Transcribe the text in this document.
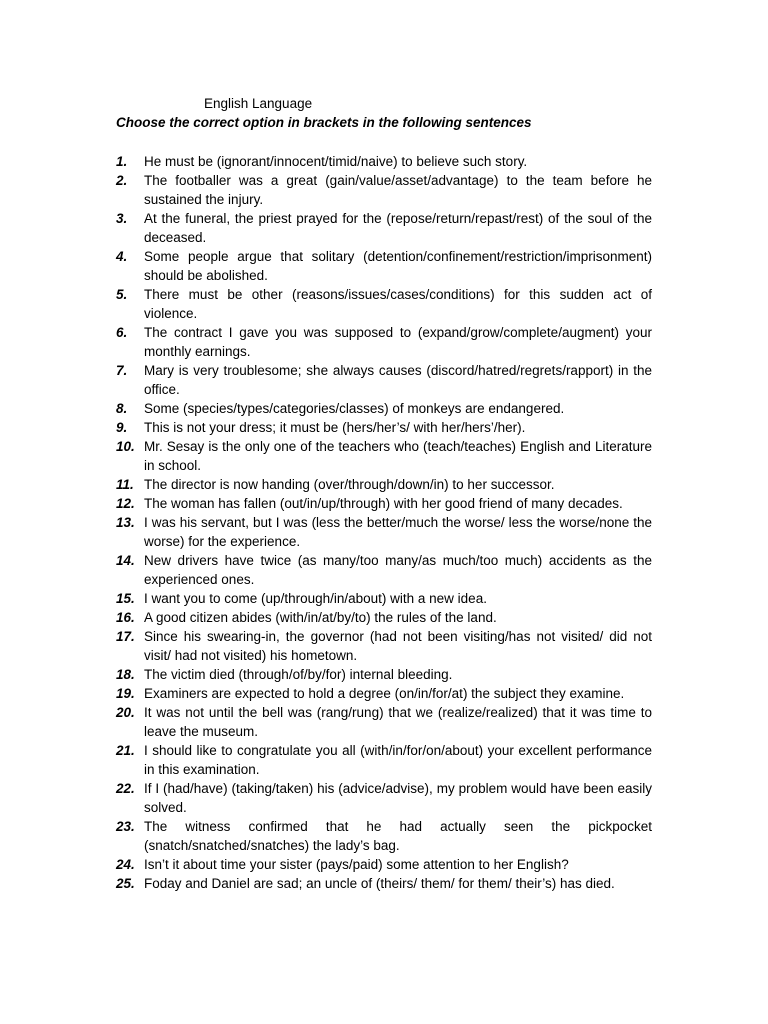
English Language
Choose the correct option in brackets in the following sentences
1. He must be (ignorant/innocent/timid/naive) to believe such story.
2. The footballer was a great (gain/value/asset/advantage) to the team before he sustained the injury.
3. At the funeral, the priest prayed for the (repose/return/repast/rest) of the soul of the deceased.
4. Some people argue that solitary (detention/confinement/restriction/imprisonment) should be abolished.
5. There must be other (reasons/issues/cases/conditions) for this sudden act of violence.
6. The contract I gave you was supposed to (expand/grow/complete/augment) your monthly earnings.
7. Mary is very troublesome; she always causes (discord/hatred/regrets/rapport) in the office.
8. Some (species/types/categories/classes) of monkeys are endangered.
9. This is not your dress; it must be (hers/her’s/ with her/hers’/her).
10. Mr. Sesay is the only one of the teachers who (teach/teaches) English and Literature in school.
11. The director is now handing (over/through/down/in) to her successor.
12. The woman has fallen (out/in/up/through) with her good friend of many decades.
13. I was his servant, but I was (less the better/much the worse/ less the worse/none the worse) for the experience.
14. New drivers have twice (as many/too many/as much/too much) accidents as the experienced ones.
15. I want you to come (up/through/in/about) with a new idea.
16. A good citizen abides (with/in/at/by/to) the rules of the land.
17. Since his swearing-in, the governor (had not been visiting/has not visited/ did not visit/ had not visited) his hometown.
18. The victim died (through/of/by/for) internal bleeding.
19. Examiners are expected to hold a degree (on/in/for/at) the subject they examine.
20. It was not until the bell was (rang/rung) that we (realize/realized) that it was time to leave the museum.
21. I should like to congratulate you all (with/in/for/on/about) your excellent performance in this examination.
22. If I (had/have) (taking/taken) his (advice/advise), my problem would have been easily solved.
23. The witness confirmed that he had actually seen the pickpocket (snatch/snatched/snatches) the lady’s bag.
24. Isn’t it about time your sister (pays/paid) some attention to her English?
25. Foday and Daniel are sad; an uncle of (theirs/ them/ for them/ their’s) has died.
